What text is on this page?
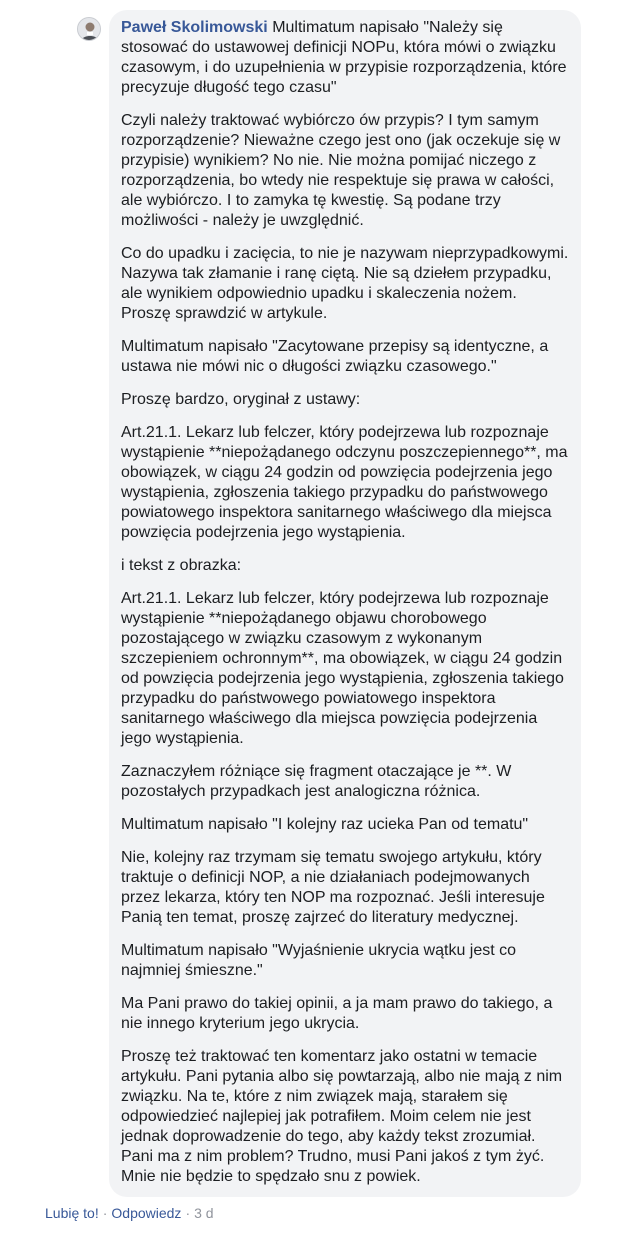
Paweł Skolimowski Multimatum napisało "Należy się stosować do ustawowej definicji NOPu, która mówi o związku czasowym, i do uzupełnienia w przypisie rozporządzenia, które precyzuje długość tego czasu"

Czyli należy traktować wybiórczo ów przypis? I tym samym rozporządzenie? Nieważne czego jest ono (jak oczekuje się w przypisie) wynikiem? No nie. Nie można pomijać niczego z rozporządzenia, bo wtedy nie respektuje się prawa w całości, ale wybiórczo. I to zamyka tę kwestię. Są podane trzy możliwości - należy je uwzględnić.

Co do upadku i zacięcia, to nie je nazywam nieprzypadkowymi. Nazywa tak złamanie i ranę ciętą. Nie są dziełem przypadku, ale wynikiem odpowiednio upadku i skaleczenia nożem. Proszę sprawdzić w artykule.

Multimatum napisało "Zacytowane przepisy są identyczne, a ustawa nie mówi nic o długości związku czasowego."

Proszę bardzo, oryginał z ustawy:

Art.21.1. Lekarz lub felczer, który podejrzewa lub rozpoznaje wystąpienie **niepożądanego odczynu poszczepiennego**, ma obowiązek, w ciągu 24 godzin od powzięcia podejrzenia jego wystąpienia, zgłoszenia takiego przypadku do państwowego powiatowego inspektora sanitarnego właściwego dla miejsca powzięcia podejrzenia jego wystąpienia.

i tekst z obrazka:

Art.21.1. Lekarz lub felczer, który podejrzewa lub rozpoznaje wystąpienie **niepożądanego objawu chorobowego pozostającego w związku czasowym z wykonanym szczepieniem ochronnym**, ma obowiązek, w ciągu 24 godzin od powzięcia podejrzenia jego wystąpienia, zgłoszenia takiego przypadku do państwowego powiatowego inspektora sanitarnego właściwego dla miejsca powzięcia podejrzenia jego wystąpienia.

Zaznaczyłem różniące się fragment otaczające je **. W pozostałych przypadkach jest analogiczna różnica.

Multimatum napisało "I kolejny raz ucieka Pan od tematu"

Nie, kolejny raz trzymam się tematu swojego artykułu, który traktuje o definicji NOP, a nie działaniach podejmowanych przez lekarza, który ten NOP ma rozpoznać. Jeśli interesuje Panią ten temat, proszę zajrzeć do literatury medycznej.

Multimatum napisało "Wyjaśnienie ukrycia wątku jest co najmniej śmieszne."

Ma Pani prawo do takiej opinii, a ja mam prawo do takiego, a nie innego kryterium jego ukrycia.

Proszę też traktować ten komentarz jako ostatni w temacie artykułu. Pani pytania albo się powtarzają, albo nie mają z nim związku. Na te, które z nim związek mają, starałem się odpowiedzieć najlepiej jak potrafiłem. Moim celem nie jest jednak doprowadzenie do tego, aby każdy tekst zrozumiał. Pani ma z nim problem? Trudno, musi Pani jakoś z tym żyć. Mnie nie będzie to spędzało snu z powiek.

Lubię to! · Odpowiedz · 3 d
